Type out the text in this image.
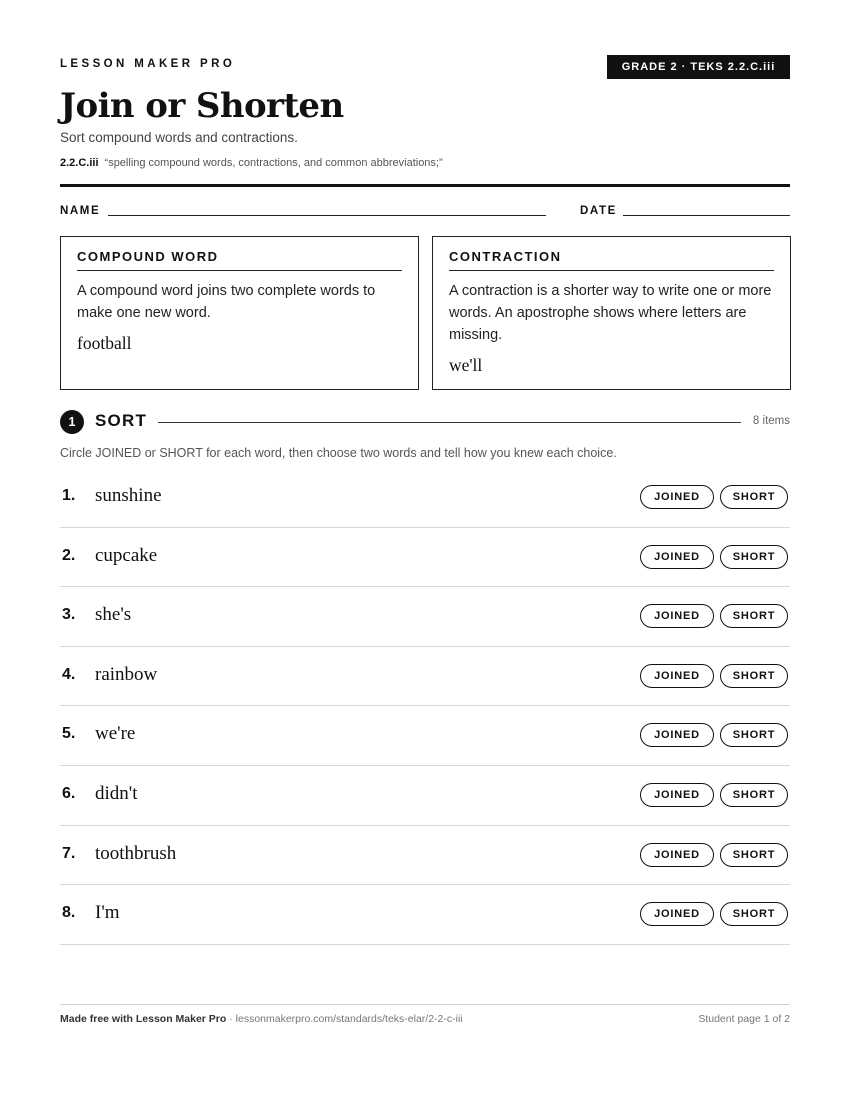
LESSON MAKER PRO	GRADE 2 · TEKS 2.2.C.iii
Join or Shorten
Sort compound words and contractions.
2.2.C.iii “spelling compound words, contractions, and common abbreviations;”
NAME	DATE
COMPOUND WORD
A compound word joins two complete words to make one new word.
football
CONTRACTION
A contraction is a shorter way to write one or more words. An apostrophe shows where letters are missing.
we'll
1	SORT	8 items
Circle JOINED or SHORT for each word, then choose two words and tell how you knew each choice.
1. sunshine	JOINED	SHORT
2. cupcake	JOINED	SHORT
3. she's	JOINED	SHORT
4. rainbow	JOINED	SHORT
5. we're	JOINED	SHORT
6. didn't	JOINED	SHORT
7. toothbrush	JOINED	SHORT
8. I'm	JOINED	SHORT
Made free with Lesson Maker Pro · lessonmakerpro.com/standards/teks-elar/2-2-c-iii	Student page 1 of 2
